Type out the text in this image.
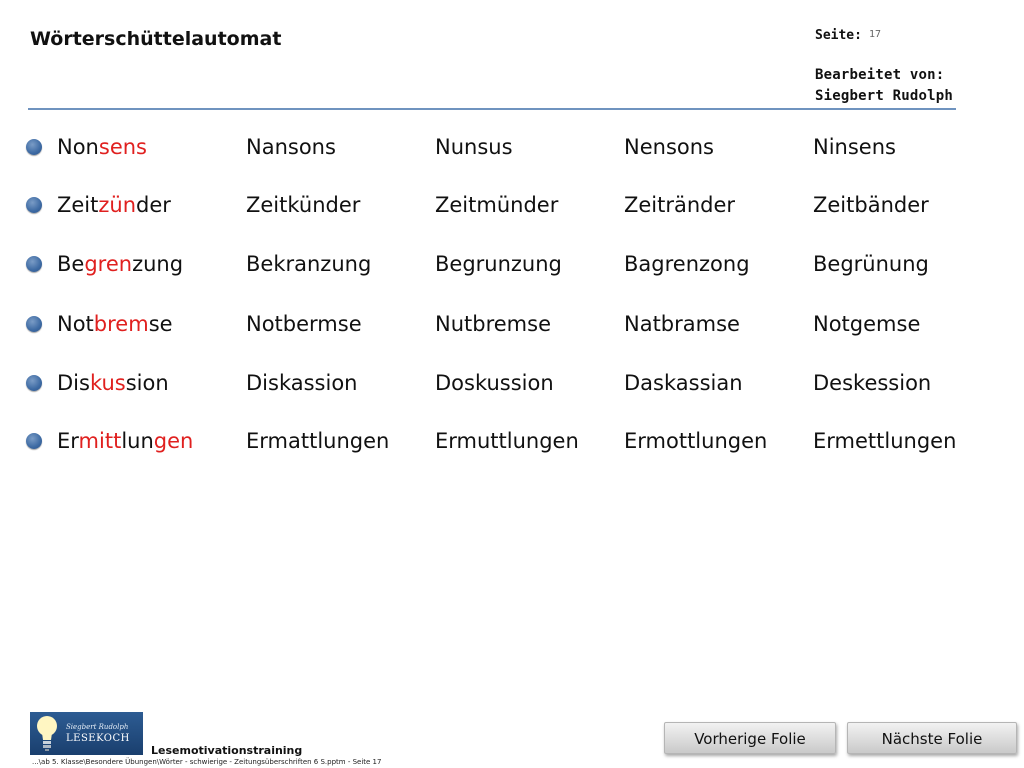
Wörterschüttelautomat	Seite: 17
Bearbeitet von:
Siegbert Rudolph
Nonsens	Nansons	Nunsus	Nensons	Ninsens
Zeitzünder	Zeitkünder	Zeitmünder	Zeitränder	Zeitbänder
Begrenzung	Bekranzung	Begrunzung	Bagrenzong	Begrünung
Notbremse	Notbermse	Nutbremse	Natbramse	Notgemse
Diskussion	Diskassion	Doskussion	Daskassian	Deskession
Ermittlungen	Ermattlungen Ermuttlungen Ermottlungen Ermettlungen
Siegbert Rudolph
LESEKOCH
Lesemotivationstraining
...\ab 5. Klasse\Besondere Übungen\Wörter - schwierige - Zeitungsüberschriften 6 S.pptm - Seite 17
Vorherige Folie	Nächste Folie
